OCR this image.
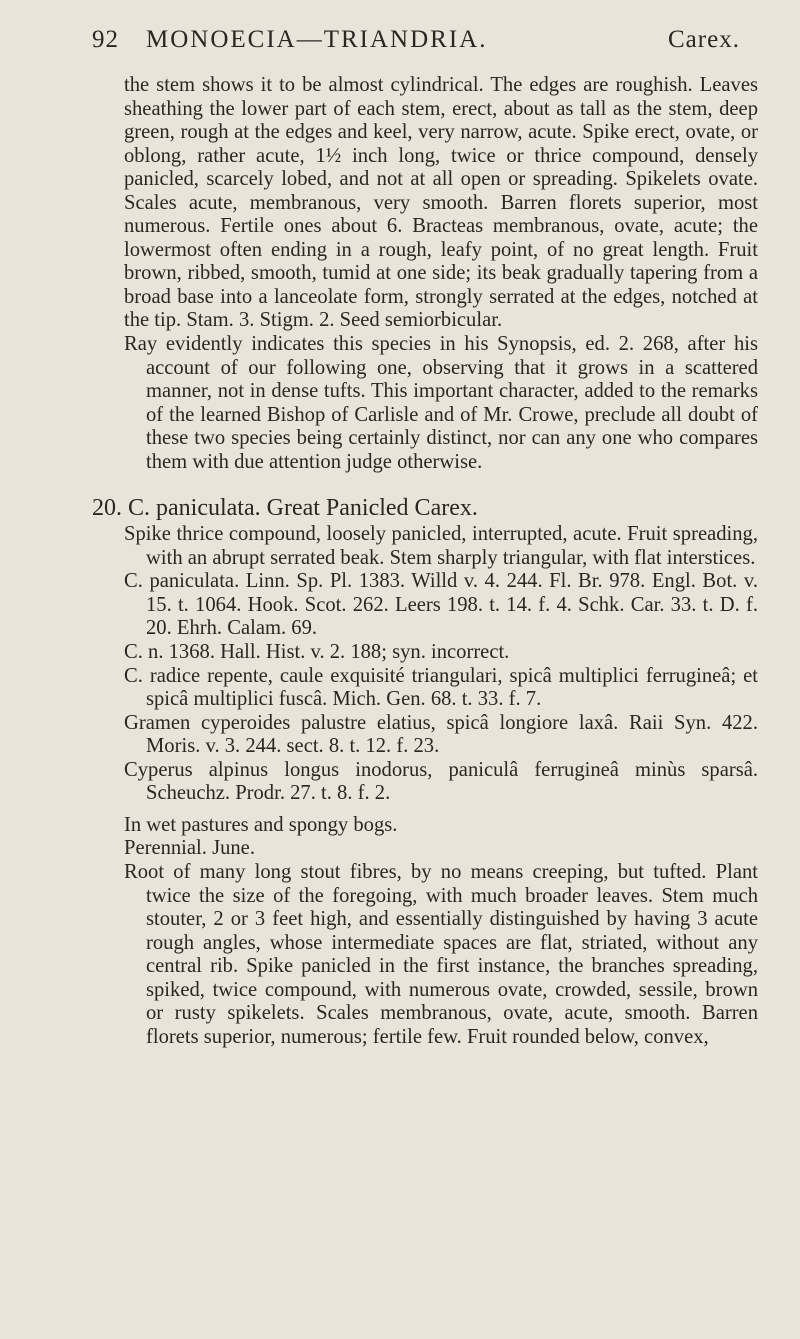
92 MONOECIA—TRIANDRIA.	Carex.

the stem shows it to be almost cylindrical. The edges are roughish. Leaves sheathing the lower part of each stem, erect, about as tall as the stem, deep green, rough at the edges and keel, very narrow, acute. Spike erect, ovate, or oblong, rather acute, 1½ inch long, twice or thrice compound, densely panicled, scarcely lobed, and not at all open or spreading. Spikelets ovate. Scales acute, membranous, very smooth. Barren florets superior, most numerous. Fertile ones about 6. Bracteas membranous, ovate, acute; the lowermost often ending in a rough, leafy point, of no great length. Fruit brown, ribbed, smooth, tumid at one side; its beak gradually tapering from a broad base into a lanceolate form, strongly serrated at the edges, notched at the tip. Stam. 3. Stigm. 2. Seed semiorbicular.

Ray evidently indicates this species in his Synopsis, ed. 2. 268, after his account of our following one, observing that it grows in a scattered manner, not in dense tufts. This important character, added to the remarks of the learned Bishop of Carlisle and of Mr. Crowe, preclude all doubt of these two species being certainly distinct, nor can any one who compares them with due attention judge otherwise.

20. C. paniculata. Great Panicled Carex.

Spike thrice compound, loosely panicled, interrupted, acute. Fruit spreading, with an abrupt serrated beak. Stem sharply triangular, with flat interstices.

C. paniculata. Linn. Sp. Pl. 1383. Willd v. 4. 244. Fl. Br. 978. Engl. Bot. v. 15. t. 1064. Hook. Scot. 262. Leers 198. t. 14. f. 4. Schk. Car. 33. t. D. f. 20. Ehrh. Calam. 69.

C. n. 1368. Hall. Hist. v. 2. 188; syn. incorrect.

C. radice repente, caule exquisité triangulari, spicâ multiplici ferrugineâ; et spicâ multiplici fuscâ. Mich. Gen. 68. t. 33. f. 7.

Gramen cyperoides palustre elatius, spicâ longiore laxâ. Raii Syn. 422. Moris. v. 3. 244. sect. 8. t. 12. f. 23.

Cyperus alpinus longus inodorus, paniculâ ferrugineâ minùs sparsâ. Scheuchz. Prodr. 27. t. 8. f. 2.

In wet pastures and spongy bogs.

Perennial. June.

Root of many long stout fibres, by no means creeping, but tufted. Plant twice the size of the foregoing, with much broader leaves. Stem much stouter, 2 or 3 feet high, and essentially distinguished by having 3 acute rough angles, whose intermediate spaces are flat, striated, without any central rib. Spike panicled in the first instance, the branches spreading, spiked, twice compound, with numerous ovate, crowded, sessile, brown or rusty spikelets. Scales membranous, ovate, acute, smooth. Barren florets superior, numerous; fertile few. Fruit rounded below, convex,
